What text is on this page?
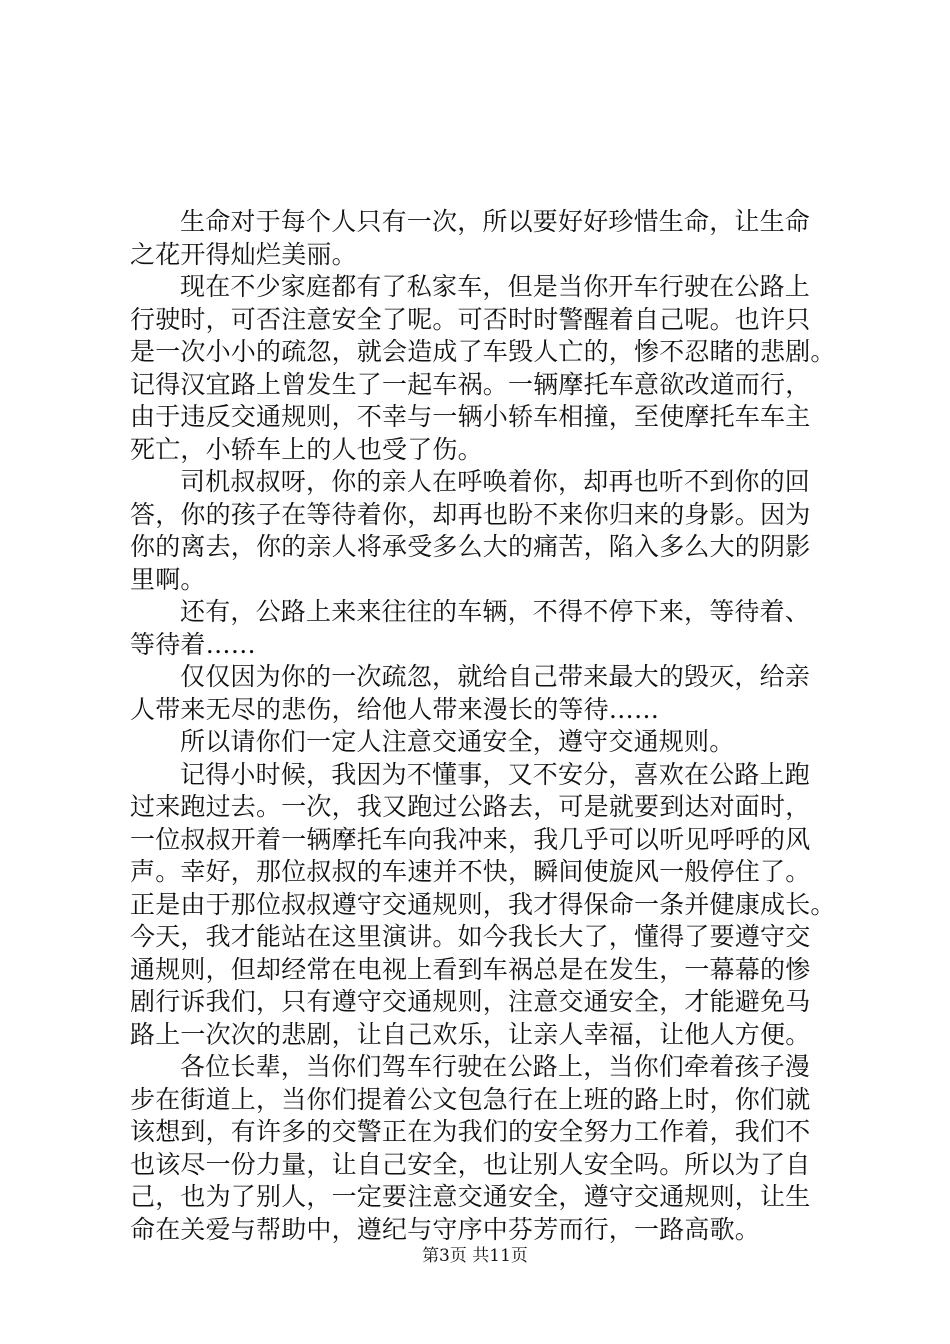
生命对于每个人只有一次，所以要好好珍惜生命，让生命
之花开得灿烂美丽。
现在不少家庭都有了私家车，但是当你开车行驶在公路上
行驶时，可否注意安全了呢。可否时时警醒着自己呢。也许只
是一次小小的疏忽，就会造成了车毁人亡的，惨不忍睹的悲剧。
记得汉宜路上曾发生了一起车祸。一辆摩托车意欲改道而行，
由于违反交通规则，不幸与一辆小轿车相撞，至使摩托车车主
死亡，小轿车上的人也受了伤。
司机叔叔呀，你的亲人在呼唤着你，却再也听不到你的回
答，你的孩子在等待着你，却再也盼不来你归来的身影。因为
你的离去，你的亲人将承受多么大的痛苦，陷入多么大的阴影
里啊。
还有，公路上来来往往的车辆，不得不停下来，等待着、
等待着……
仅仅因为你的一次疏忽，就给自己带来最大的毁灭，给亲
人带来无尽的悲伤，给他人带来漫长的等待……
所以请你们一定人注意交通安全，遵守交通规则。
记得小时候，我因为不懂事，又不安分，喜欢在公路上跑
过来跑过去。一次，我又跑过公路去，可是就要到达对面时，
一位叔叔开着一辆摩托车向我冲来，我几乎可以听见呼呼的风
声。幸好，那位叔叔的车速并不快，瞬间使旋风一般停住了。
正是由于那位叔叔遵守交通规则，我才得保命一条并健康成长。
今天，我才能站在这里演讲。如今我长大了，懂得了要遵守交
通规则，但却经常在电视上看到车祸总是在发生，一幕幕的惨
剧行诉我们，只有遵守交通规则，注意交通安全，才能避免马
路上一次次的悲剧，让自己欢乐，让亲人幸福，让他人方便。
各位长辈，当你们驾车行驶在公路上，当你们牵着孩子漫
步在街道上，当你们提着公文包急行在上班的路上时，你们就
该想到，有许多的交警正在为我们的安全努力工作着，我们不
也该尽一份力量，让自己安全，也让别人安全吗。所以为了自
己，也为了别人，一定要注意交通安全，遵守交通规则，让生
命在关爱与帮助中，遵纪与守序中芬芳而行，一路高歌。
第3页 共11页
